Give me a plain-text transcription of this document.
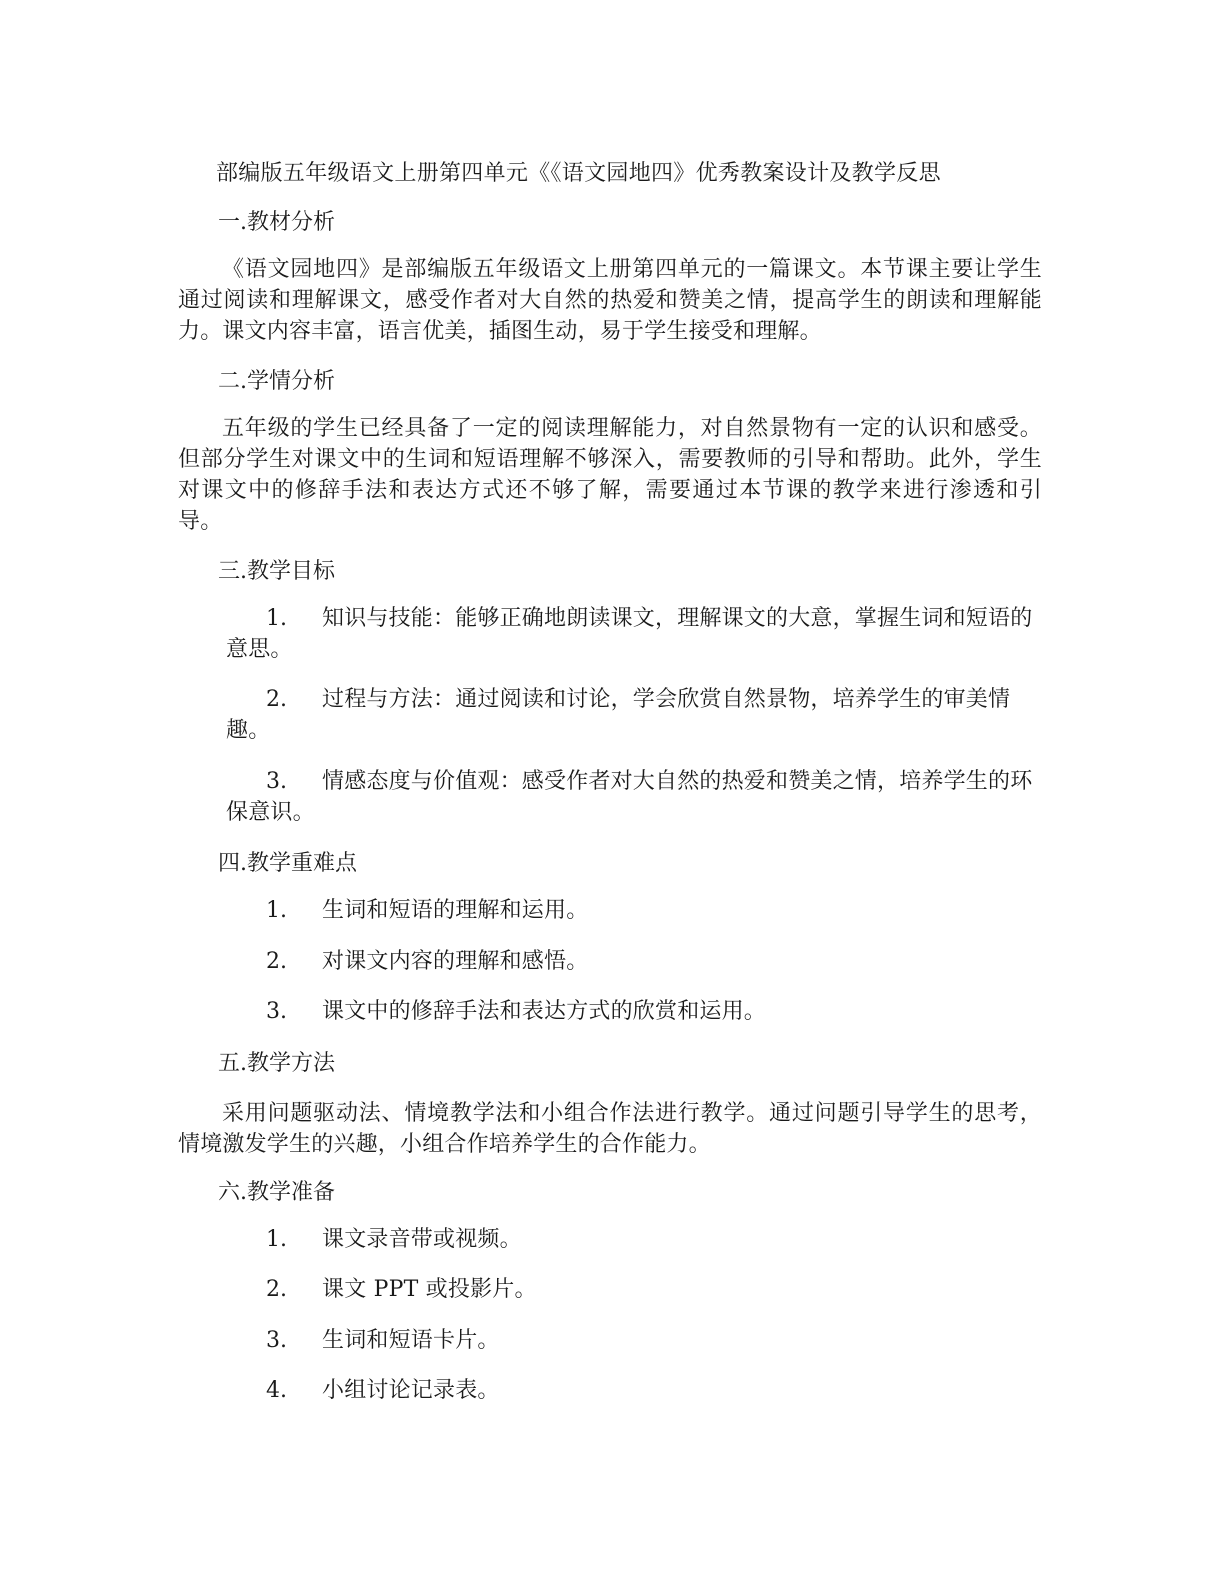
部编版五年级语文上册第四单元《《语文园地四》优秀教案设计及教学反思
一.教材分析
《语文园地四》是部编版五年级语文上册第四单元的一篇课文。本节课主要让学生通过阅读和理解课文，感受作者对大自然的热爱和赞美之情，提高学生的朗读和理解能力。课文内容丰富，语言优美，插图生动，易于学生接受和理解。
二.学情分析
五年级的学生已经具备了一定的阅读理解能力，对自然景物有一定的认识和感受。但部分学生对课文中的生词和短语理解不够深入，需要教师的引导和帮助。此外，学生对课文中的修辞手法和表达方式还不够了解，需要通过本节课的教学来进行渗透和引导。
三.教学目标
1. 知识与技能：能够正确地朗读课文，理解课文的大意，掌握生词和短语的意思。
2. 过程与方法：通过阅读和讨论，学会欣赏自然景物，培养学生的审美情趣。
3. 情感态度与价值观：感受作者对大自然的热爱和赞美之情，培养学生的环保意识。
四.教学重难点
1. 生词和短语的理解和运用。
2. 对课文内容的理解和感悟。
3. 课文中的修辞手法和表达方式的欣赏和运用。
五.教学方法
采用问题驱动法、情境教学法和小组合作法进行教学。通过问题引导学生的思考，情境激发学生的兴趣，小组合作培养学生的合作能力。
六.教学准备
1. 课文录音带或视频。
2. 课文 PPT 或投影片。
3. 生词和短语卡片。
4. 小组讨论记录表。
